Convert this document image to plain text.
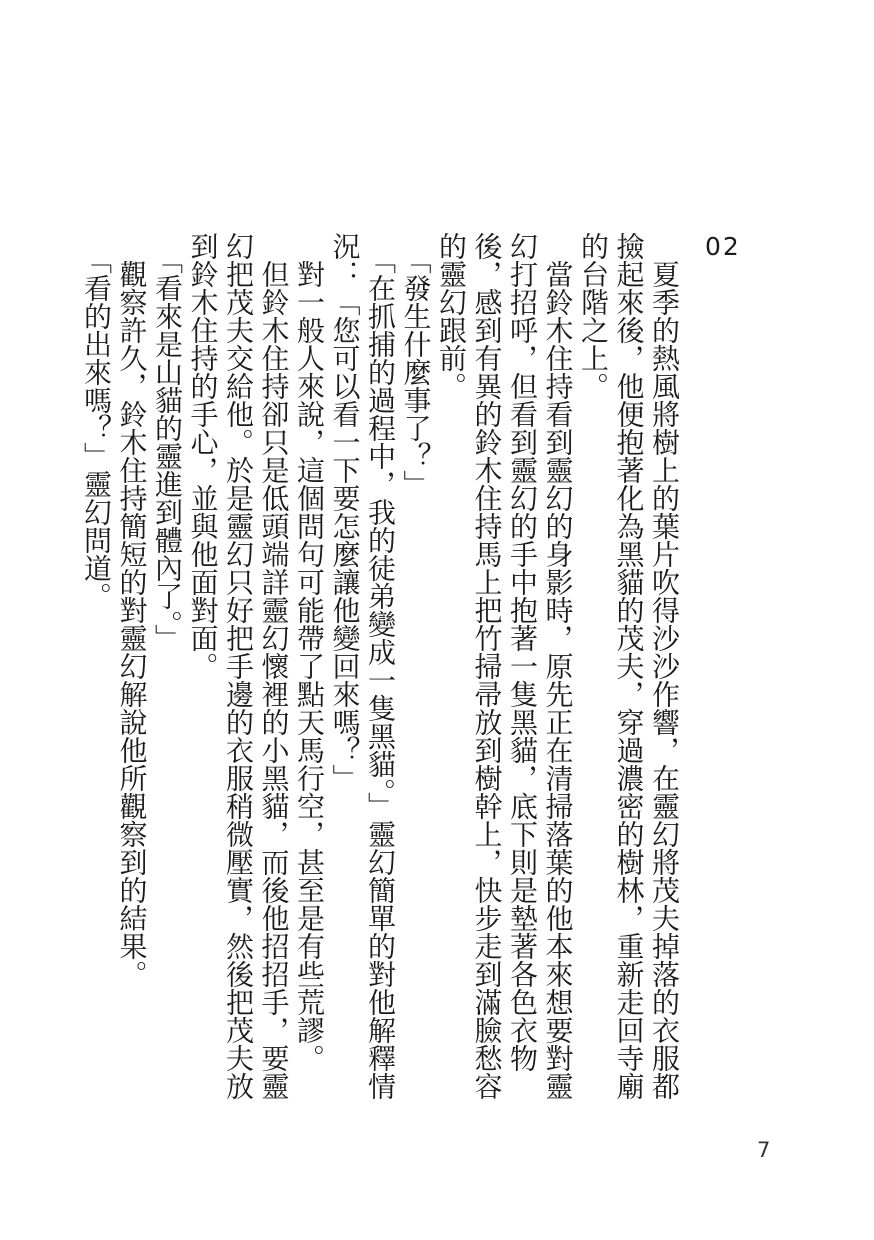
02

　夏季的熱風將樹上的葉片吹得沙沙作響，在靈幻將茂夫掉落的衣服都撿起來後，他便抱著化為黑貓的茂夫，穿過濃密的樹林，重新走回寺廟的台階之上。

　當鈴木住持看到靈幻的身影時，原先正在清掃落葉的他本來想要對靈幻打招呼，但看到靈幻的手中抱著一隻黑貓，底下則是墊著各色衣物後，感到有異的鈴木住持馬上把竹掃帚放到樹幹上，快步走到滿臉愁容的靈幻跟前。

　「發生什麼事了？」

　「在抓捕的過程中，我的徒弟變成一隻黑貓。」靈幻簡單的對他解釋情況：「您可以看一下要怎麼讓他變回來嗎？」

　對一般人來說，這個問句可能帶了點天馬行空，甚至是有些荒謬。

　但鈴木住持卻只是低頭端詳靈幻懷裡的小黑貓，而後他招招手，要靈幻把茂夫交給他。於是靈幻只好把手邊的衣服稍微壓實，然後把茂夫放到鈴木住持的手心，並與他面對面。

　「看來是山貓的靈進到體內了。」

　觀察許久，鈴木住持簡短的對靈幻解說他所觀察到的結果。

　「看的出來嗎？」靈幻問道。

7
